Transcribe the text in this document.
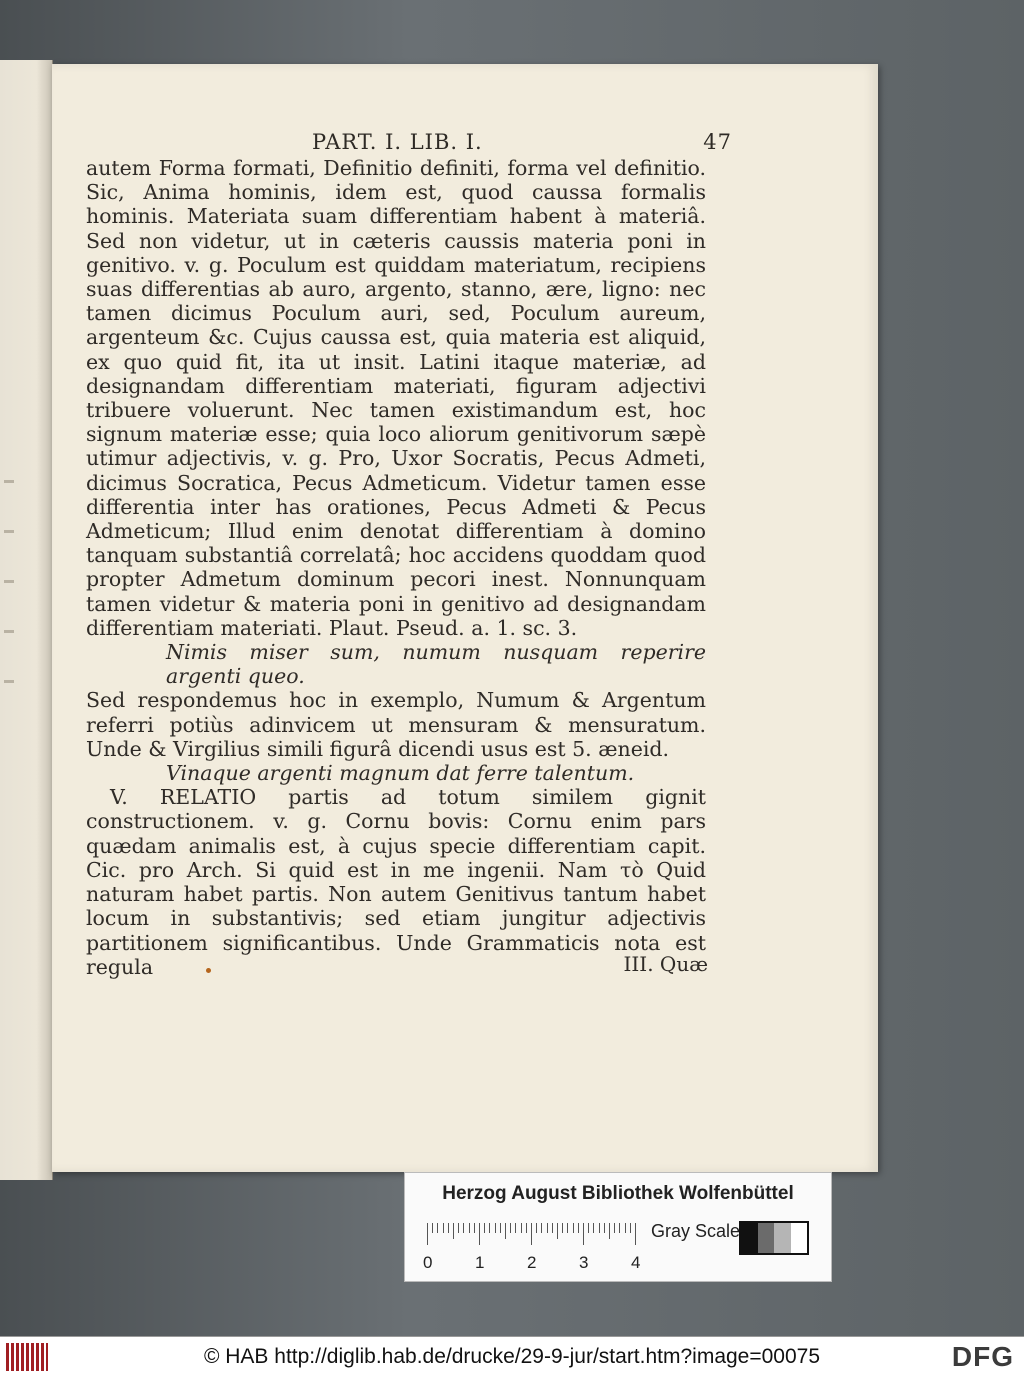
PART. I. LIB. I.	47

autem Forma formati, Definitio definiti, forma vel definitio. Sic, Anima hominis, idem est, quod caussa formalis hominis. Materiata suam differentiam habent à materiâ. Sed non videtur, ut in cæteris caussis materia poni in genitivo. v. g. Poculum est quiddam materiatum, recipiens suas differentias ab auro, argento, stanno, ære, ligno: nec tamen dicimus Poculum auri, sed, Poculum aureum, argenteum &c. Cujus caussa est, quia materia est aliquid, ex quo quid fit, ita ut insit. Latini itaque materiæ, ad designandam differentiam materiati, figuram adjectivi tribuere voluerunt. Nec tamen existimandum est, hoc signum materiæ esse; quia loco aliorum genitivorum sæpè utimur adjectivis, v. g. Pro, Uxor Socratis, Pecus Admeti, dicimus Socratica, Pecus Admeticum. Videtur tamen esse differentia inter has orationes, Pecus Admeti & Pecus Admeticum; Illud enim denotat differentiam à domino tanquam substantiâ correlatâ; hoc accidens quoddam quod propter Admetum dominum pecori inest. Nonnunquam tamen videtur & materia poni in genitivo ad designandam differentiam materiati. Plaut. Pseud. a. 1. sc. 3.

Nimis miser sum, numum nusquam reperire argenti queo.

Sed respondemus hoc in exemplo, Numum & Argentum referri potiùs adinvicem ut mensuram & mensuratum. Unde & Virgilius simili figurâ dicendi usus est 5. æneid.

Vinaque argenti magnum dat ferre talentum.

V. RELATIO partis ad totum similem gignit constructionem. v. g. Cornu bovis: Cornu enim pars quædam animalis est, à cujus specie differentiam capit. Cic. pro Arch. Si quid est in me ingenii. Nam τὸ Quid naturam habet partis. Non autem Genitivus tantum habet locum in substantivis; sed etiam jungitur adjectivis partitionem significantibus. Unde Grammaticis nota est regula	III. Quæ
Herzog August Bibliothek Wolfenbüttel
0	1	2	3	4
Gray Scale
© HAB http://diglib.hab.de/drucke/29-9-jur/start.htm?image=00075	DFG
